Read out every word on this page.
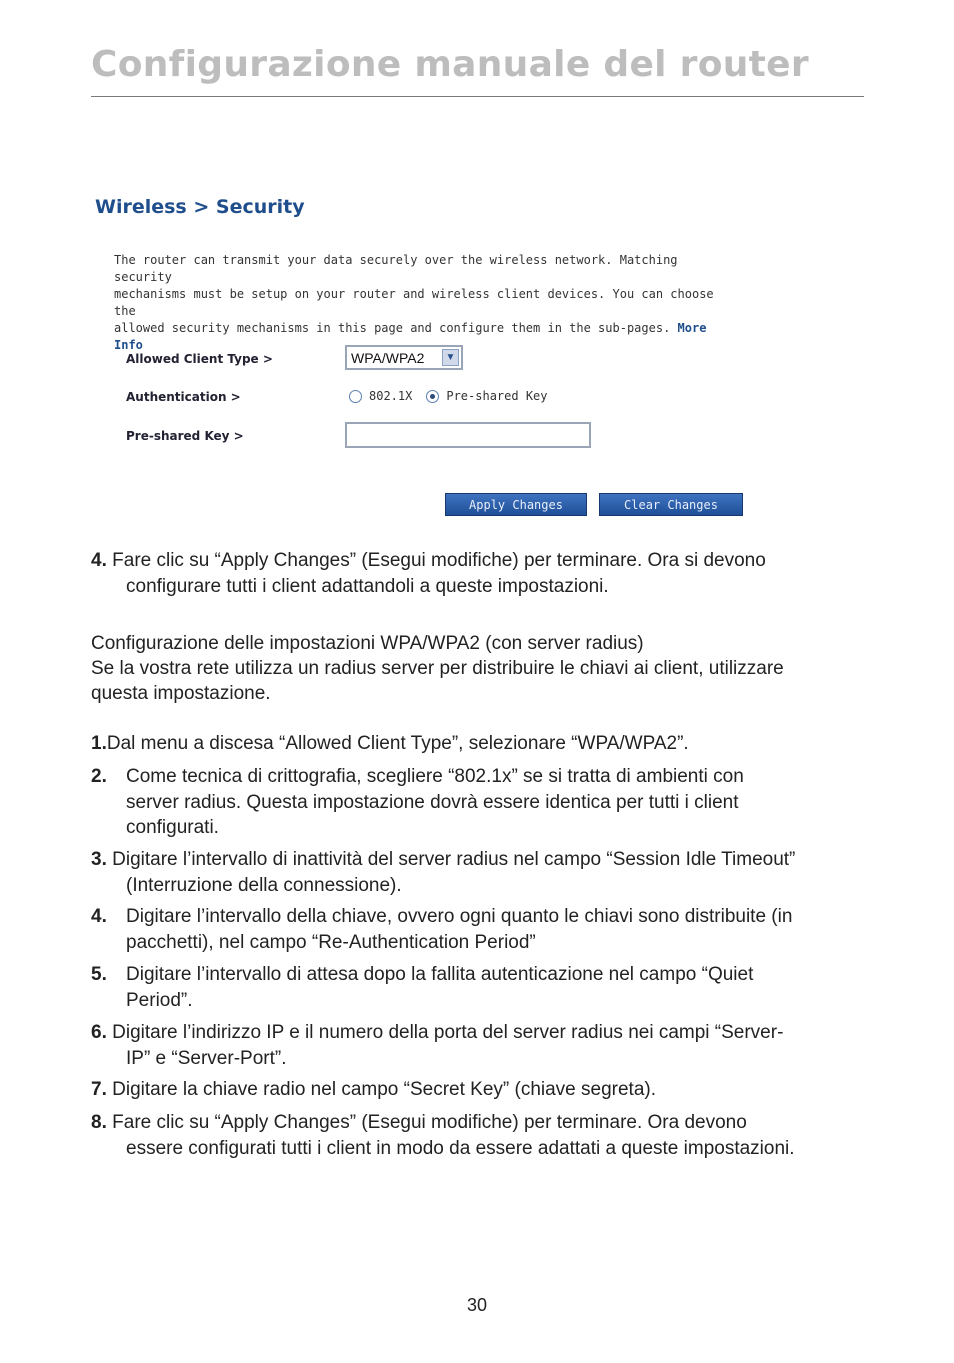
Configurazione manuale del router
Wireless > Security
The router can transmit your data securely over the wireless network. Matching security
mechanisms must be setup on your router and wireless client devices. You can choose the
allowed security mechanisms in this page and configure them in the sub-pages. More Info
Allowed Client Type >	WPA/WPA2	▼
Authentication >	802.1X	Pre-shared Key
Pre-shared Key >
Apply Changes	Clear Changes
4. Fare clic su “Apply Changes” (Esegui modifiche) per terminare. Ora si devono
configurare tutti i client adattandoli a queste impostazioni.
Configurazione delle impostazioni WPA/WPA2 (con server radius)
Se la vostra rete utilizza un radius server per distribuire le chiavi ai client, utilizzare
questa impostazione.
1.Dal menu a discesa “Allowed Client Type”, selezionare “WPA/WPA2”.
2. Come tecnica di crittografia, scegliere “802.1x” se si tratta di ambienti con
server radius. Questa impostazione dovrà essere identica per tutti i client
configurati.
3. Digitare l’intervallo di inattività del server radius nel campo “Session Idle Timeout”
(Interruzione della connessione).
4. Digitare l’intervallo della chiave, ovvero ogni quanto le chiavi sono distribuite (in
pacchetti), nel campo “Re-Authentication Period”
5. Digitare l’intervallo di attesa dopo la fallita autenticazione nel campo “Quiet
Period”.
6. Digitare l’indirizzo IP e il numero della porta del server radius nei campi “Server-
IP” e “Server-Port”.
7. Digitare la chiave radio nel campo “Secret Key” (chiave segreta).
8. Fare clic su “Apply Changes” (Esegui modifiche) per terminare. Ora devono
essere configurati tutti i client in modo da essere adattati a queste impostazioni.
30
